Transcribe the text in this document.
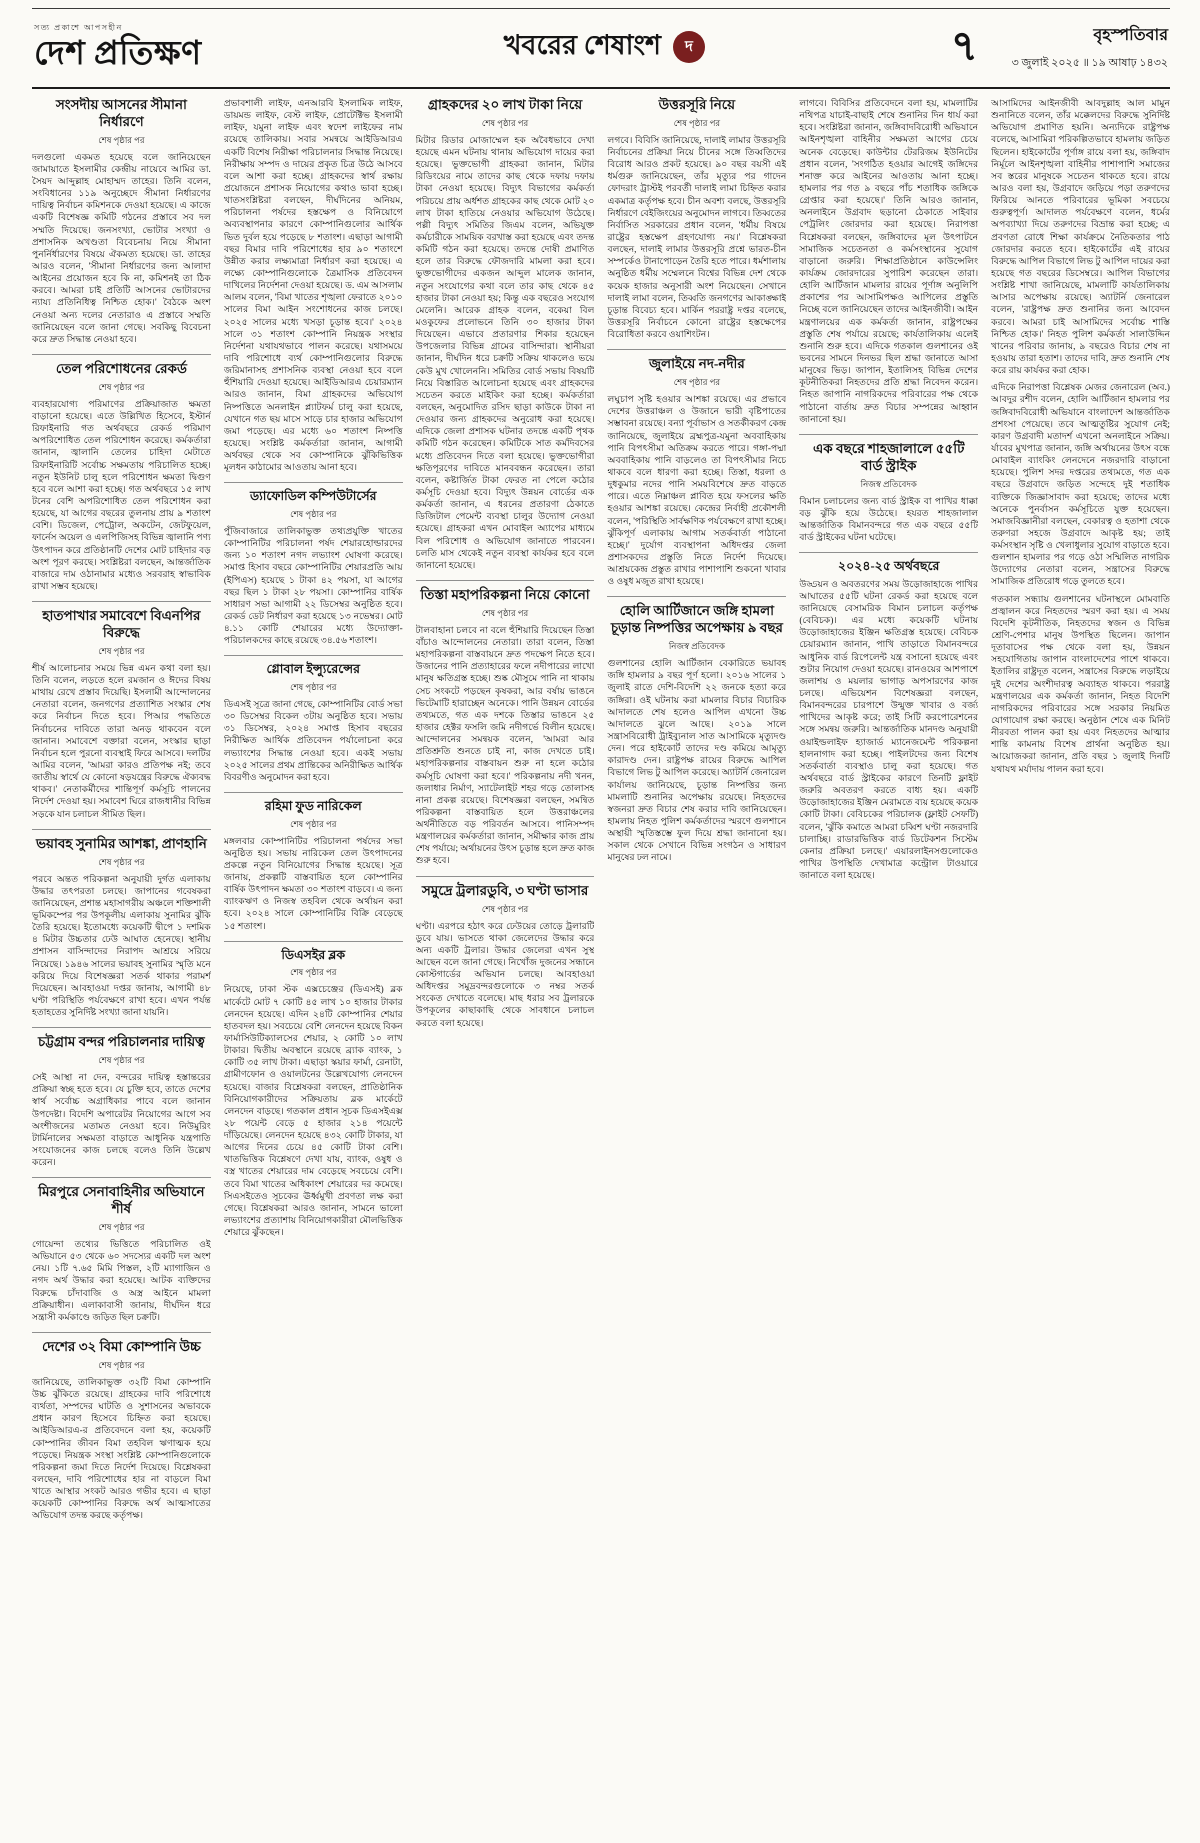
সত্য প্রকাশে আপসহীন
দেশ প্রতিক্ষণ	খবরের শেষাংশ	দ	৭	বৃহস্পতিবার
৩ জুলাই ২০২৫ ॥ ১৯ আষাঢ় ১৪৩২
সংসদীয় আসনের সীমানা নির্ধারণে
শেষ পৃষ্ঠার পর
দলগুলো একমত হয়েছে বলে জানিয়েছেন জামায়াতে ইসলামীর কেন্দ্রীয় নায়েবে আমির ডা. সৈয়দ আব্দুল্লাহ মোহাম্মদ তাহের। তিনি বলেন, সংবিধানের ১১৯ অনুচ্ছেদে সীমানা নির্ধারণের দায়িত্ব নির্বাচন কমিশনকে দেওয়া হয়েছে। এ কাজে একটি বিশেষজ্ঞ কমিটি গঠনের প্রস্তাবে সব দল সম্মতি দিয়েছে। জনসংখ্যা, ভোটার সংখ্যা ও প্রশাসনিক অখণ্ডতা বিবেচনায় নিয়ে সীমানা পুনর্নির্ধারণের বিষয়ে ঐকমত্য হয়েছে। ডা. তাহের আরও বলেন, 'সীমানা নির্ধারণের জন্য আলাদা আইনের প্রয়োজন হবে কি না, কমিশনই তা ঠিক করবে। আমরা চাই প্রতিটি আসনের ভোটারদের ন্যায্য প্রতিনিধিত্ব নিশ্চিত হোক।' বৈঠকে অংশ নেওয়া অন্য দলের নেতারাও এ প্রস্তাবে সম্মতি জানিয়েছেন বলে জানা গেছে। সবকিছু বিবেচনা করে দ্রুত সিদ্ধান্ত নেওয়া হবে।
তেল পরিশোধনের রেকর্ড
শেষ পৃষ্ঠার পর
ব্যবহারযোগ্য পরিমাণের প্রক্রিয়াজাত ক্ষমতা বাড়ানো হয়েছে। এতে উল্লিখিত হিসেবে, ইস্টার্ন রিফাইনারি গত অর্থবছরে রেকর্ড পরিমাণ অপরিশোধিত তেল পরিশোধন করেছে। কর্মকর্তারা জানান, জ্বালানি তেলের চাহিদা মেটাতে রিফাইনারিটি সর্বোচ্চ সক্ষমতায় পরিচালিত হচ্ছে। নতুন ইউনিট চালু হলে পরিশোধন ক্ষমতা দ্বিগুণ হবে বলে আশা করা হচ্ছে। গত অর্থবছরে ১৫ লাখ টনের বেশি অপরিশোধিত তেল পরিশোধন করা হয়েছে, যা আগের বছরের তুলনায় প্রায় ৯ শতাংশ বেশি। ডিজেল, পেট্রোল, অকটেন, জেটফুয়েল, ফার্নেস অয়েল ও এলপিজিসহ বিভিন্ন জ্বালানি পণ্য উৎপাদন করে প্রতিষ্ঠানটি দেশের মোট চাহিদার বড় অংশ পূরণ করছে। সংশ্লিষ্টরা বলছেন, আন্তর্জাতিক বাজারে দাম ওঠানামার মধ্যেও সরবরাহ স্বাভাবিক রাখা সম্ভব হয়েছে।
হাতপাখার সমাবেশে বিএনপির বিরুদ্ধে
শেষ পৃষ্ঠার পর
শীর্ষ আলোচনার সময়ে ভিন্ন এমন কথা বলা হয়। তিনি বলেন, লড়তে হলে রমজান ও ঈদের বিষয় মাথায় রেখে প্রস্তাব দিয়েছি। ইসলামী আন্দোলনের নেতারা বলেন, জনগণের প্রত্যাশিত সংস্কার শেষ করে নির্বাচন দিতে হবে। পিআর পদ্ধতিতে নির্বাচনের দাবিতে তারা অনড় থাকবেন বলে জানান। সমাবেশে বক্তারা বলেন, সংস্কার ছাড়া নির্বাচন হলে পুরনো ব্যবস্থাই ফিরে আসবে। দলটির আমির বলেন, 'আমরা কারও প্রতিপক্ষ নই; তবে জাতীয় স্বার্থে যে কোনো ষড়যন্ত্রের বিরুদ্ধে ঐক্যবদ্ধ থাকব।' নেতাকর্মীদের শান্তিপূর্ণ কর্মসূচি পালনের নির্দেশ দেওয়া হয়। সমাবেশ ঘিরে রাজধানীর বিভিন্ন সড়কে যান চলাচল সীমিত ছিল।
ভয়াবহ সুনামির আশঙ্কা, প্রাণহানি
শেষ পৃষ্ঠার পর
পরবে অন্তত পরিকল্পনা অনুযায়ী দুর্গত এলাকায় উদ্ধার তৎপরতা চলছে। জাপানের গবেষকরা জানিয়েছেন, প্রশান্ত মহাসাগরীয় অঞ্চলে শক্তিশালী ভূমিকম্পের পর উপকূলীয় এলাকায় সুনামির ঝুঁকি তৈরি হয়েছে। ইতোমধ্যে কয়েকটি দ্বীপে ১ দশমিক ৪ মিটার উচ্চতার ঢেউ আঘাত হেনেছে। স্থানীয় প্রশাসন বাসিন্দাদের নিরাপদ আশ্রয়ে সরিয়ে নিয়েছে। ১৯৪৬ সালের ভয়াবহ সুনামির স্মৃতি মনে করিয়ে দিয়ে বিশেষজ্ঞরা সতর্ক থাকার পরামর্শ দিয়েছেন। আবহাওয়া দপ্তর জানায়, আগামী ৪৮ ঘণ্টা পরিস্থিতি পর্যবেক্ষণে রাখা হবে। এখন পর্যন্ত হতাহতের সুনির্দিষ্ট সংখ্যা জানা যায়নি।
চট্টগ্রাম বন্দর পরিচালনার দায়িত্ব
শেষ পৃষ্ঠার পর
সেই আস্থা না দেন, বন্দরের দায়িত্ব হস্তান্তরের প্রক্রিয়া স্বচ্ছ হতে হবে। যে চুক্তি হবে, তাতে দেশের স্বার্থ সর্বোচ্চ অগ্রাধিকার পাবে বলে জানান উপদেষ্টা। বিদেশি অপারেটর নিয়োগের আগে সব অংশীজনের মতামত নেওয়া হবে। নিউমুরিং টার্মিনালের সক্ষমতা বাড়াতে আধুনিক যন্ত্রপাতি সংযোজনের কাজ চলছে বলেও তিনি উল্লেখ করেন।
মিরপুরে সেনাবাহিনীর অভিযানে শীর্ষ
শেষ পৃষ্ঠার পর
গোয়েন্দা তথ্যের ভিত্তিতে পরিচালিত ওই অভিযানে ৫৩ থেকে ৬০ সদস্যের একটি দল অংশ নেয়। ১টি ৭.৬৫ মিমি পিস্তল, ২টি ম্যাগাজিন ও নগদ অর্থ উদ্ধার করা হয়েছে। আটক ব্যক্তিদের বিরুদ্ধে চাঁদাবাজি ও অস্ত্র আইনে মামলা প্রক্রিয়াধীন। এলাকাবাসী জানায়, দীর্ঘদিন ধরে সন্ত্রাসী কর্মকাণ্ডে জড়িত ছিল চক্রটি।
দেশের ৩২ বিমা কোম্পানি উচ্চ
শেষ পৃষ্ঠার পর
জানিয়েছে, তালিকাভুক্ত ৩২টি বিমা কোম্পানি উচ্চ ঝুঁকিতে রয়েছে। গ্রাহকের দাবি পরিশোধে ব্যর্থতা, সম্পদের ঘাটতি ও সুশাসনের অভাবকে প্রধান কারণ হিসেবে চিহ্নিত করা হয়েছে। আইডিআরএ-র প্রতিবেদনে বলা হয়, কয়েকটি কোম্পানির জীবন বিমা তহবিল ঋণাত্মক হয়ে পড়েছে। নিয়ন্ত্রক সংস্থা সংশ্লিষ্ট কোম্পানিগুলোকে পরিকল্পনা জমা দিতে নির্দেশ দিয়েছে। বিশ্লেষকরা বলছেন, দাবি পরিশোধের হার না বাড়লে বিমা খাতে আস্থার সংকট আরও গভীর হবে। এ ছাড়া কয়েকটি কোম্পানির বিরুদ্ধে অর্থ আত্মসাতের অভিযোগ তদন্ত করছে কর্তৃপক্ষ।
প্রভাবশালী লাইফ, এনআরবি ইসলামিক লাইফ, ডায়মন্ড লাইফ, বেস্ট লাইফ, প্রোটেক্টিভ ইসলামী লাইফ, যমুনা লাইফ এবং স্বদেশ লাইফের নাম রয়েছে তালিকায়। সবার সমন্বয়ে আইডিআরএ একটি বিশেষ নিরীক্ষা পরিচালনার সিদ্ধান্ত নিয়েছে। নিরীক্ষায় সম্পদ ও দায়ের প্রকৃত চিত্র উঠে আসবে বলে আশা করা হচ্ছে। গ্রাহকদের স্বার্থ রক্ষায় প্রয়োজনে প্রশাসক নিয়োগের কথাও ভাবা হচ্ছে। খাতসংশ্লিষ্টরা বলছেন, দীর্ঘদিনের অনিয়ম, পরিচালনা পর্ষদের হস্তক্ষেপ ও বিনিয়োগে অব্যবস্থাপনার কারণে কোম্পানিগুলোর আর্থিক ভিত দুর্বল হয়ে পড়েছে ৮ শতাংশ। এছাড়া আগামী বছর বিমার দাবি পরিশোধের হার ৯০ শতাংশে উন্নীত করার লক্ষ্যমাত্রা নির্ধারণ করা হয়েছে। এ লক্ষ্যে কোম্পানিগুলোকে ত্রৈমাসিক প্রতিবেদন দাখিলের নির্দেশনা দেওয়া হয়েছে। ড. এম আসলাম আলম বলেন, 'বিমা খাতের শৃঙ্খলা ফেরাতে ২০১০ সালের বিমা আইন সংশোধনের কাজ চলছে। ২০২৫ সালের মধ্যে খসড়া চূড়ান্ত হবে।' ২০২৪ সালে ৩১ শতাংশ কোম্পানি নিয়ন্ত্রক সংস্থার নির্দেশনা যথাযথভাবে পালন করেছে। যথাসময়ে দাবি পরিশোধে ব্যর্থ কোম্পানিগুলোর বিরুদ্ধে জরিমানাসহ প্রশাসনিক ব্যবস্থা নেওয়া হবে বলে হুঁশিয়ারি দেওয়া হয়েছে। আইডিআরএ চেয়ারম্যান আরও জানান, বিমা গ্রাহকদের অভিযোগ নিষ্পত্তিতে অনলাইন প্ল্যাটফর্ম চালু করা হয়েছে, যেখানে গত ছয় মাসে সাড়ে চার হাজার অভিযোগ জমা পড়েছে। এর মধ্যে ৬০ শতাংশ নিষ্পত্তি হয়েছে। সংশ্লিষ্ট কর্মকর্তারা জানান, আগামী অর্থবছর থেকে সব কোম্পানিকে ঝুঁকিভিত্তিক মূলধন কাঠামোর আওতায় আনা হবে।
ড্যাফোডিল কম্পিউটার্সের
শেষ পৃষ্ঠার পর
পুঁজিবাজারে তালিকাভুক্ত তথ্যপ্রযুক্তি খাতের কোম্পানিটির পরিচালনা পর্ষদ শেয়ারহোল্ডারদের জন্য ১০ শতাংশ নগদ লভ্যাংশ ঘোষণা করেছে। সমাপ্ত হিসাব বছরে কোম্পানিটির শেয়ারপ্রতি আয় (ইপিএস) হয়েছে ১ টাকা ৪২ পয়সা, যা আগের বছর ছিল ১ টাকা ২৮ পয়সা। কোম্পানির বার্ষিক সাধারণ সভা আগামী ২২ ডিসেম্বর অনুষ্ঠিত হবে। রেকর্ড ডেট নির্ধারণ করা হয়েছে ১৩ নভেম্বর। মোট ৪.১১ কোটি শেয়ারের মধ্যে উদ্যোক্তা-পরিচালকদের কাছে রয়েছে ৩৪.৫৬ শতাংশ।
গ্লোবাল ইন্স্যুরেন্সের
শেষ পৃষ্ঠার পর
ডিএসই সূত্রে জানা গেছে, কোম্পানিটির বোর্ড সভা ৩০ ডিসেম্বর বিকেল ৩টায় অনুষ্ঠিত হবে। সভায় ৩১ ডিসেম্বর, ২০২৪ সমাপ্ত হিসাব বছরের নিরীক্ষিত আর্থিক প্রতিবেদন পর্যালোচনা করে লভ্যাংশের সিদ্ধান্ত নেওয়া হবে। একই সভায় ২০২৫ সালের প্রথম প্রান্তিকের অনিরীক্ষিত আর্থিক বিবরণীও অনুমোদন করা হবে।
রহিমা ফুড নারিকেল
শেষ পৃষ্ঠার পর
মঙ্গলবার কোম্পানিটির পরিচালনা পর্ষদের সভা অনুষ্ঠিত হয়। সভায় নারিকেল তেল উৎপাদনের প্রকল্পে নতুন বিনিয়োগের সিদ্ধান্ত হয়েছে। সূত্র জানায়, প্রকল্পটি বাস্তবায়িত হলে কোম্পানির বার্ষিক উৎপাদন ক্ষমতা ৩০ শতাংশ বাড়বে। এ জন্য ব্যাংকঋণ ও নিজস্ব তহবিল থেকে অর্থায়ন করা হবে। ২০২৪ সালে কোম্পানিটির বিক্রি বেড়েছে ১৫ শতাংশ।
ডিএসইর ব্লক
শেষ পৃষ্ঠার পর
নিয়েছে, ঢাকা স্টক এক্সচেঞ্জের (ডিএসই) ব্লক মার্কেটে মোট ৭ কোটি ৪৫ লাখ ১০ হাজার টাকার লেনদেন হয়েছে। এদিন ২৪টি কোম্পানির শেয়ার হাতবদল হয়। সবচেয়ে বেশি লেনদেন হয়েছে বিকন ফার্মাসিউটিক্যালসের শেয়ার, ২ কোটি ১০ লাখ টাকার। দ্বিতীয় অবস্থানে রয়েছে ব্র্যাক ব্যাংক, ১ কোটি ৩৫ লাখ টাকা। এছাড়া স্কয়ার ফার্মা, রেনাটা, গ্রামীণফোন ও ওয়ালটনের উল্লেখযোগ্য লেনদেন হয়েছে। বাজার বিশ্লেষকরা বলছেন, প্রাতিষ্ঠানিক বিনিয়োগকারীদের সক্রিয়তায় ব্লক মার্কেটে লেনদেন বাড়ছে। গতকাল প্রধান সূচক ডিএসইএক্স ২৮ পয়েন্ট বেড়ে ৫ হাজার ২১৪ পয়েন্টে দাঁড়িয়েছে। লেনদেন হয়েছে ৪৩২ কোটি টাকার, যা আগের দিনের চেয়ে ৪৫ কোটি টাকা বেশি। খাতভিত্তিক বিশ্লেষণে দেখা যায়, ব্যাংক, ওষুধ ও বস্ত্র খাতের শেয়ারের দাম বেড়েছে সবচেয়ে বেশি। তবে বিমা খাতের অধিকাংশ শেয়ারের দর কমেছে। সিএসইতেও সূচকের ঊর্ধ্বমুখী প্রবণতা লক্ষ করা গেছে। বিশ্লেষকরা আরও জানান, সামনে ভালো লভ্যাংশের প্রত্যাশায় বিনিয়োগকারীরা মৌলভিত্তিক শেয়ারে ঝুঁকছেন।
গ্রাহকদের ২০ লাখ টাকা নিয়ে
শেষ পৃষ্ঠার পর
মিটার রিডার মোজাম্মেল হক অবৈধভাবে দেখা হয়েছে এমন ঘটনায় থানায় অভিযোগ দায়ের করা হয়েছে। ভুক্তভোগী গ্রাহকরা জানান, মিটার রিডিংয়ের নামে তাদের কাছ থেকে দফায় দফায় টাকা নেওয়া হয়েছে। বিদ্যুৎ বিভাগের কর্মকর্তা পরিচয়ে প্রায় অর্ধশত গ্রাহকের কাছ থেকে মোট ২০ লাখ টাকা হাতিয়ে নেওয়ার অভিযোগ উঠেছে। পল্লী বিদ্যুৎ সমিতির জিএম বলেন, অভিযুক্ত কর্মচারীকে সাময়িক বরখাস্ত করা হয়েছে এবং তদন্ত কমিটি গঠন করা হয়েছে। তদন্তে দোষী প্রমাণিত হলে তার বিরুদ্ধে ফৌজদারি মামলা করা হবে। ভুক্তভোগীদের একজন আব্দুল মালেক জানান, নতুন সংযোগের কথা বলে তার কাছ থেকে ৪৫ হাজার টাকা নেওয়া হয়; কিন্তু এক বছরেও সংযোগ মেলেনি। আরেক গ্রাহক বলেন, বকেয়া বিল মওকুফের প্রলোভনে তিনি ৩০ হাজার টাকা দিয়েছেন। এভাবে প্রতারণার শিকার হয়েছেন উপজেলার বিভিন্ন গ্রামের বাসিন্দারা। স্থানীয়রা জানান, দীর্ঘদিন ধরে চক্রটি সক্রিয় থাকলেও ভয়ে কেউ মুখ খোলেননি। সমিতির বোর্ড সভায় বিষয়টি নিয়ে বিস্তারিত আলোচনা হয়েছে এবং গ্রাহকদের সচেতন করতে মাইকিং করা হচ্ছে। কর্মকর্তারা বলছেন, অনুমোদিত রসিদ ছাড়া কাউকে টাকা না দেওয়ার জন্য গ্রাহকদের অনুরোধ করা হয়েছে। এদিকে জেলা প্রশাসক ঘটনার তদন্তে একটি পৃথক কমিটি গঠন করেছেন। কমিটিকে সাত কর্মদিবসের মধ্যে প্রতিবেদন দিতে বলা হয়েছে। ভুক্তভোগীরা ক্ষতিপূরণের দাবিতে মানববন্ধন করেছেন। তারা বলেন, কষ্টার্জিত টাকা ফেরত না পেলে কঠোর কর্মসূচি দেওয়া হবে। বিদ্যুৎ উন্নয়ন বোর্ডের এক কর্মকর্তা জানান, এ ধরনের প্রতারণা ঠেকাতে ডিজিটাল পেমেন্ট ব্যবস্থা চালুর উদ্যোগ নেওয়া হয়েছে। গ্রাহকরা এখন মোবাইল অ্যাপের মাধ্যমে বিল পরিশোধ ও অভিযোগ জানাতে পারবেন। চলতি মাস থেকেই নতুন ব্যবস্থা কার্যকর হবে বলে জানানো হয়েছে।
তিস্তা মহাপরিকল্পনা নিয়ে কোনো
শেষ পৃষ্ঠার পর
টালবাহানা চলবে না বলে হুঁশিয়ারি দিয়েছেন তিস্তা বাঁচাও আন্দোলনের নেতারা। তারা বলেন, তিস্তা মহাপরিকল্পনা বাস্তবায়নে দ্রুত পদক্ষেপ নিতে হবে। উজানের পানি প্রত্যাহারের ফলে নদীপারের লাখো মানুষ ক্ষতিগ্রস্ত হচ্ছে। শুষ্ক মৌসুমে পানি না থাকায় সেচ সংকটে পড়ছেন কৃষকরা, আর বর্ষায় ভাঙনে ভিটেমাটি হারাচ্ছেন অনেকে। পানি উন্নয়ন বোর্ডের তথ্যমতে, গত এক দশকে তিস্তার ভাঙনে ২৫ হাজার হেক্টর ফসলি জমি নদীগর্ভে বিলীন হয়েছে। আন্দোলনের সমন্বয়ক বলেন, 'আমরা আর প্রতিশ্রুতি শুনতে চাই না, কাজ দেখতে চাই। মহাপরিকল্পনার বাস্তবায়ন শুরু না হলে কঠোর কর্মসূচি ঘোষণা করা হবে।' পরিকল্পনায় নদী খনন, জলাধার নির্মাণ, স্যাটেলাইট শহর গড়ে তোলাসহ নানা প্রকল্প রয়েছে। বিশেষজ্ঞরা বলছেন, সমন্বিত পরিকল্পনা বাস্তবায়িত হলে উত্তরাঞ্চলের অর্থনীতিতে বড় পরিবর্তন আসবে। পানিসম্পদ মন্ত্রণালয়ের কর্মকর্তারা জানান, সমীক্ষার কাজ প্রায় শেষ পর্যায়ে; অর্থায়নের উৎস চূড়ান্ত হলে দ্রুত কাজ শুরু হবে।
সমুদ্রে ট্রলারডুবি, ৩ ঘণ্টা ভাসার
শেষ পৃষ্ঠার পর
ঘণ্টা। এরপরে হঠাৎ করে ঢেউয়ের তোড়ে ট্রলারটি ডুবে যায়। ভাসতে থাকা জেলেদের উদ্ধার করে অন্য একটি ট্রলার। উদ্ধার জেলেরা এখন সুস্থ আছেন বলে জানা গেছে। নিখোঁজ দুজনের সন্ধানে কোস্টগার্ডের অভিযান চলছে। আবহাওয়া অধিদপ্তর সমুদ্রবন্দরগুলোকে ৩ নম্বর সতর্ক সংকেত দেখাতে বলেছে। মাছ ধরার সব ট্রলারকে উপকূলের কাছাকাছি থেকে সাবধানে চলাচল করতে বলা হয়েছে।
উত্তরসূরি নিয়ে
শেষ পৃষ্ঠার পর
লগবে। বিবিসি জানিয়েছে, দালাই লামার উত্তরসূরি নির্বাচনের প্রক্রিয়া নিয়ে চীনের সঙ্গে তিব্বতিদের বিরোধ আরও প্রকট হয়েছে। ৯০ বছর বয়সী এই ধর্মগুরু জানিয়েছেন, তাঁর মৃত্যুর পর গাদেন ফোদরাং ট্রাস্টই পরবর্তী দালাই লামা চিহ্নিত করার একমাত্র কর্তৃপক্ষ হবে। চীন অবশ্য বলছে, উত্তরসূরি নির্ধারণে বেইজিংয়ের অনুমোদন লাগবে। তিব্বতের নির্বাসিত সরকারের প্রধান বলেন, 'ধর্মীয় বিষয়ে রাষ্ট্রের হস্তক্ষেপ গ্রহণযোগ্য নয়।' বিশ্লেষকরা বলছেন, দালাই লামার উত্তরসূরি প্রশ্নে ভারত-চীন সম্পর্কেও টানাপোড়েন তৈরি হতে পারে। ধর্মশালায় অনুষ্ঠিত ধর্মীয় সম্মেলনে বিশ্বের বিভিন্ন দেশ থেকে কয়েক হাজার অনুসারী অংশ নিয়েছেন। সেখানে দালাই লামা বলেন, তিব্বতি জনগণের আকাঙ্ক্ষাই চূড়ান্ত বিবেচ্য হবে। মার্কিন পররাষ্ট্র দপ্তর বলেছে, উত্তরসূরি নির্বাচনে কোনো রাষ্ট্রের হস্তক্ষেপের বিরোধিতা করবে ওয়াশিংটন।
জুলাইয়ে নদ-নদীর
শেষ পৃষ্ঠার পর
লঘুচাপ সৃষ্টি হওয়ার আশঙ্কা রয়েছে। এর প্রভাবে দেশের উত্তরাঞ্চল ও উজানে ভারী বৃষ্টিপাতের সম্ভাবনা রয়েছে। বন্যা পূর্বাভাস ও সতর্কীকরণ কেন্দ্র জানিয়েছে, জুলাইয়ে ব্রহ্মপুত্র-যমুনা অববাহিকায় পানি বিপৎসীমা অতিক্রম করতে পারে। গঙ্গা-পদ্মা অববাহিকায় পানি বাড়লেও তা বিপৎসীমার নিচে থাকবে বলে ধারণা করা হচ্ছে। তিস্তা, ধরলা ও দুধকুমার নদের পানি সময়বিশেষে দ্রুত বাড়তে পারে। এতে নিম্নাঞ্চল প্লাবিত হয়ে ফসলের ক্ষতি হওয়ার আশঙ্কা রয়েছে। কেন্দ্রের নির্বাহী প্রকৌশলী বলেন, 'পরিস্থিতি সার্বক্ষণিক পর্যবেক্ষণে রাখা হচ্ছে। ঝুঁকিপূর্ণ এলাকায় আগাম সতর্কবার্তা পাঠানো হচ্ছে।' দুর্যোগ ব্যবস্থাপনা অধিদপ্তর জেলা প্রশাসকদের প্রস্তুতি নিতে নির্দেশ দিয়েছে। আশ্রয়কেন্দ্র প্রস্তুত রাখার পাশাপাশি শুকনো খাবার ও ওষুধ মজুত রাখা হয়েছে।
হোলি আর্টিজানে জঙ্গি হামলা চূড়ান্ত নিষ্পত্তির অপেক্ষায় ৯ বছর
নিজস্ব প্রতিবেদক
গুলশানের হোলি আর্টিজান বেকারিতে ভয়াবহ জঙ্গি হামলার ৯ বছর পূর্ণ হলো। ২০১৬ সালের ১ জুলাই রাতে দেশি-বিদেশি ২২ জনকে হত্যা করে জঙ্গিরা। ওই ঘটনায় করা মামলার বিচার বিচারিক আদালতে শেষ হলেও আপিল এখনো উচ্চ আদালতে ঝুলে আছে। ২০১৯ সালে সন্ত্রাসবিরোধী ট্রাইব্যুনাল সাত আসামিকে মৃত্যুদণ্ড দেন। পরে হাইকোর্ট তাদের দণ্ড কমিয়ে আমৃত্যু কারাদণ্ড দেন। রাষ্ট্রপক্ষ রায়ের বিরুদ্ধে আপিল বিভাগে লিভ টু আপিল করেছে। অ্যাটর্নি জেনারেল কার্যালয় জানিয়েছে, চূড়ান্ত নিষ্পত্তির জন্য মামলাটি শুনানির অপেক্ষায় রয়েছে। নিহতদের স্বজনরা দ্রুত বিচার শেষ করার দাবি জানিয়েছেন। হামলায় নিহত পুলিশ কর্মকর্তাদের স্মরণে গুলশানে অস্থায়ী স্মৃতিস্তম্ভে ফুল দিয়ে শ্রদ্ধা জানানো হয়। সকাল থেকে সেখানে বিভিন্ন সংগঠন ও সাধারণ মানুষের ঢল নামে।
লাগবে। বিবিসির প্রতিবেদনে বলা হয়, মামলাটির নথিপত্র যাচাই-বাছাই শেষে শুনানির দিন ধার্য করা হবে। সংশ্লিষ্টরা জানান, জঙ্গিবাদবিরোধী অভিযানে আইনশৃঙ্খলা বাহিনীর সক্ষমতা আগের চেয়ে অনেক বেড়েছে। কাউন্টার টেররিজম ইউনিটের প্রধান বলেন, 'সংগঠিত হওয়ার আগেই জঙ্গিদের শনাক্ত করে আইনের আওতায় আনা হচ্ছে। হামলার পর গত ৯ বছরে পাঁচ শতাধিক জঙ্গিকে গ্রেপ্তার করা হয়েছে।' তিনি আরও জানান, অনলাইনে উগ্রবাদ ছড়ানো ঠেকাতে সাইবার পেট্রলিং জোরদার করা হয়েছে। নিরাপত্তা বিশ্লেষকরা বলছেন, জঙ্গিবাদের মূল উৎপাটনে সামাজিক সচেতনতা ও কর্মসংস্থানের সুযোগ বাড়ানো জরুরি। শিক্ষাপ্রতিষ্ঠানে কাউন্সেলিং কার্যক্রম জোরদারের সুপারিশ করেছেন তারা। হোলি আর্টিজান মামলার রায়ের পূর্ণাঙ্গ অনুলিপি প্রকাশের পর আসামিপক্ষও আপিলের প্রস্তুতি নিচ্ছে বলে জানিয়েছেন তাদের আইনজীবী। আইন মন্ত্রণালয়ের এক কর্মকর্তা জানান, রাষ্ট্রপক্ষের প্রস্তুতি শেষ পর্যায়ে রয়েছে; কার্যতালিকায় এলেই শুনানি শুরু হবে। এদিকে গতকাল গুলশানের ওই ভবনের সামনে দিনভর ছিল শ্রদ্ধা জানাতে আসা মানুষের ভিড়। জাপান, ইতালিসহ বিভিন্ন দেশের কূটনীতিকরা নিহতদের প্রতি শ্রদ্ধা নিবেদন করেন। নিহত জাপানি নাগরিকদের পরিবারের পক্ষ থেকে পাঠানো বার্তায় দ্রুত বিচার সম্পন্নের আহ্বান জানানো হয়।
এক বছরে শাহজালালে ৫৫টি বার্ড স্ট্রাইক
নিজস্ব প্রতিবেদক
বিমান চলাচলের জন্য বার্ড স্ট্রাইক বা পাখির ধাক্কা বড় ঝুঁকি হয়ে উঠেছে। হযরত শাহজালাল আন্তর্জাতিক বিমানবন্দরে গত এক বছরে ৫৫টি বার্ড স্ট্রাইকের ঘটনা ঘটেছে।
২০২৪-২৫ অর্থবছরে
উড্ডয়ন ও অবতরণের সময় উড়োজাহাজে পাখির আঘাতের ৫৫টি ঘটনা রেকর্ড করা হয়েছে বলে জানিয়েছে বেসামরিক বিমান চলাচল কর্তৃপক্ষ (বেবিচক)। এর মধ্যে কয়েকটি ঘটনায় উড়োজাহাজের ইঞ্জিন ক্ষতিগ্রস্ত হয়েছে। বেবিচক চেয়ারম্যান জানান, পাখি তাড়াতে বিমানবন্দরে আধুনিক বার্ড রিপেলেন্ট যন্ত্র বসানো হয়েছে এবং শুটার নিয়োগ দেওয়া হয়েছে। রানওয়ের আশপাশে জলাশয় ও ময়লার ভাগাড় অপসারণের কাজ চলছে। এভিয়েশন বিশেষজ্ঞরা বলছেন, বিমানবন্দরের চারপাশে উন্মুক্ত খাবার ও বর্জ্য পাখিদের আকৃষ্ট করে; তাই সিটি করপোরেশনের সঙ্গে সমন্বয় জরুরি। আন্তর্জাতিক মানদণ্ড অনুযায়ী ওয়াইল্ডলাইফ হ্যাজার্ড ম্যানেজমেন্ট পরিকল্পনা হালনাগাদ করা হচ্ছে। পাইলটদের জন্য বিশেষ সতর্কবার্তা ব্যবস্থাও চালু করা হয়েছে। গত অর্থবছরে বার্ড স্ট্রাইকের কারণে তিনটি ফ্লাইট জরুরি অবতরণ করতে বাধ্য হয়। একটি উড়োজাহাজের ইঞ্জিন মেরামতে ব্যয় হয়েছে কয়েক কোটি টাকা। বেবিচকের পরিচালক (ফ্লাইট সেফটি) বলেন, 'ঝুঁকি কমাতে আমরা চব্বিশ ঘণ্টা নজরদারি চালাচ্ছি। রাডারভিত্তিক বার্ড ডিটেকশন সিস্টেম কেনার প্রক্রিয়া চলছে।' এয়ারলাইনসগুলোকেও পাখির উপস্থিতি দেখামাত্র কন্ট্রোল টাওয়ারে জানাতে বলা হয়েছে।
আসামিদের আইনজীবী আবদুল্লাহ আল মামুন শুনানিতে বলেন, তাঁর মক্কেলদের বিরুদ্ধে সুনির্দিষ্ট অভিযোগ প্রমাণিত হয়নি। অন্যদিকে রাষ্ট্রপক্ষ বলেছে, আসামিরা পরিকল্পিতভাবে হামলায় জড়িত ছিলেন। হাইকোর্টের পূর্ণাঙ্গ রায়ে বলা হয়, জঙ্গিবাদ নির্মূলে আইনশৃঙ্খলা বাহিনীর পাশাপাশি সমাজের সব স্তরের মানুষকে সচেতন থাকতে হবে। রায়ে আরও বলা হয়, উগ্রবাদে জড়িয়ে পড়া তরুণদের ফিরিয়ে আনতে পরিবারের ভূমিকা সবচেয়ে গুরুত্বপূর্ণ। আদালত পর্যবেক্ষণে বলেন, ধর্মের অপব্যাখ্যা দিয়ে তরুণদের বিভ্রান্ত করা হচ্ছে; এ প্রবণতা রোধে শিক্ষা কার্যক্রমে নৈতিকতার পাঠ জোরদার করতে হবে। হাইকোর্টের এই রায়ের বিরুদ্ধে আপিল বিভাগে লিভ টু আপিল দায়ের করা হয়েছে গত বছরের ডিসেম্বরে। আপিল বিভাগের সংশ্লিষ্ট শাখা জানিয়েছে, মামলাটি কার্যতালিকায় আসার অপেক্ষায় রয়েছে। অ্যাটর্নি জেনারেল বলেন, 'রাষ্ট্রপক্ষ দ্রুত শুনানির জন্য আবেদন করবে। আমরা চাই আসামিদের সর্বোচ্চ শাস্তি নিশ্চিত হোক।' নিহত পুলিশ কর্মকর্তা সালাউদ্দিন খানের পরিবার জানায়, ৯ বছরেও বিচার শেষ না হওয়ায় তারা হতাশ। তাদের দাবি, দ্রুত শুনানি শেষ করে রায় কার্যকর করা হোক।
এদিকে নিরাপত্তা বিশ্লেষক মেজর জেনারেল (অব.) আবদুর রশীদ বলেন, হোলি আর্টিজান হামলার পর জঙ্গিবাদবিরোধী অভিযানে বাংলাদেশ আন্তর্জাতিক প্রশংসা পেয়েছে। তবে আত্মতুষ্টির সুযোগ নেই; কারণ উগ্রবাদী মতাদর্শ এখনো অনলাইনে সক্রিয়। র্যাবের মুখপাত্র জানান, জঙ্গি অর্থায়নের উৎস বন্ধে মোবাইল ব্যাংকিং লেনদেনে নজরদারি বাড়ানো হয়েছে। পুলিশ সদর দপ্তরের তথ্যমতে, গত এক বছরে উগ্রবাদে জড়িত সন্দেহে দুই শতাধিক ব্যক্তিকে জিজ্ঞাসাবাদ করা হয়েছে; তাদের মধ্যে অনেকে পুনর্বাসন কর্মসূচিতে যুক্ত হয়েছেন। সমাজবিজ্ঞানীরা বলছেন, বেকারত্ব ও হতাশা থেকে তরুণরা সহজে উগ্রবাদে আকৃষ্ট হয়; তাই কর্মসংস্থান সৃষ্টি ও খেলাধুলার সুযোগ বাড়াতে হবে। গুলশান হামলার পর গড়ে ওঠা সম্মিলিত নাগরিক উদ্যোগের নেতারা বলেন, সন্ত্রাসের বিরুদ্ধে সামাজিক প্রতিরোধ গড়ে তুলতে হবে।
গতকাল সন্ধ্যায় গুলশানের ঘটনাস্থলে মোমবাতি প্রজ্বালন করে নিহতদের স্মরণ করা হয়। এ সময় বিদেশি কূটনীতিক, নিহতদের স্বজন ও বিভিন্ন শ্রেণি-পেশার মানুষ উপস্থিত ছিলেন। জাপান দূতাবাসের পক্ষ থেকে বলা হয়, উন্নয়ন সহযোগিতায় জাপান বাংলাদেশের পাশে থাকবে। ইতালির রাষ্ট্রদূত বলেন, সন্ত্রাসের বিরুদ্ধে লড়াইয়ে দুই দেশের অংশীদারত্ব অব্যাহত থাকবে। পররাষ্ট্র মন্ত্রণালয়ের এক কর্মকর্তা জানান, নিহত বিদেশি নাগরিকদের পরিবারের সঙ্গে সরকার নিয়মিত যোগাযোগ রক্ষা করছে। অনুষ্ঠান শেষে এক মিনিট নীরবতা পালন করা হয় এবং নিহতদের আত্মার শান্তি কামনায় বিশেষ প্রার্থনা অনুষ্ঠিত হয়। আয়োজকরা জানান, প্রতি বছর ১ জুলাই দিনটি যথাযথ মর্যাদায় পালন করা হবে।
